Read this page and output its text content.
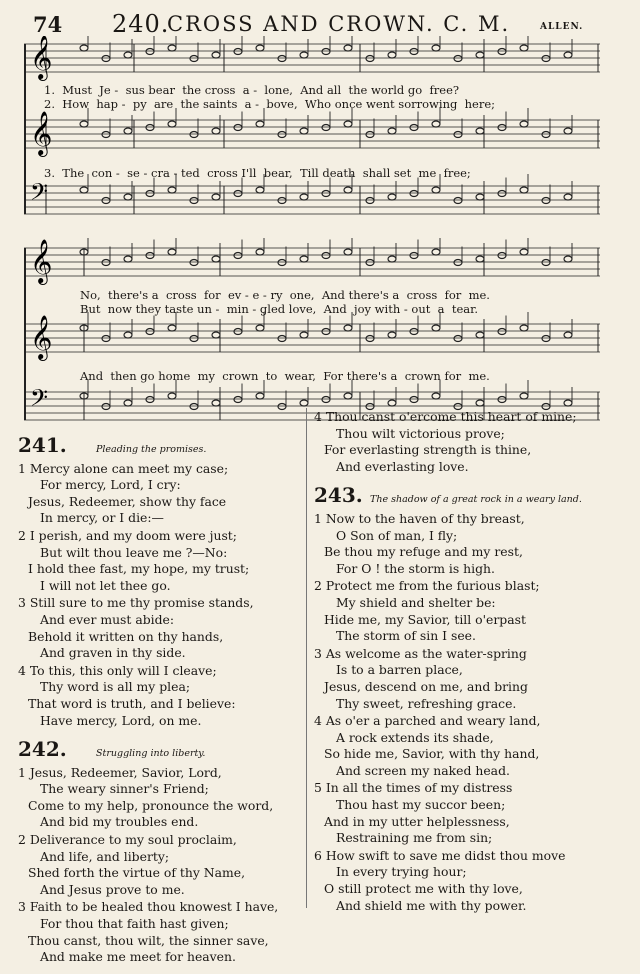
74 240.
CROSS AND CROWN. C. M.	ALLEN.
𝄞
𝄞
𝄢
1.  Must  Je -  sus bear  the cross  a -  lone,  And all  the world go  free?
2.  How  hap -  py  are  the saints  a -  bove,  Who once went sorrowing  here;
3.  The  con -  se - cra - ted  cross I'll  bear,  Till death  shall set  me  free;
𝄞
𝄞
𝄢
No,  there's a  cross  for  ev - e - ry  one,  And there's a  cross  for  me.
But  now they taste un -  min - gled love,  And  joy with - out  a  tear.
And  then go home  my  crown  to  wear,  For there's a  crown for  me.
241.	Pleading the promises.
1 Mercy alone can meet my case;
For mercy, Lord, I cry:
Jesus, Redeemer, show thy face
In mercy, or I die:—
2 I perish, and my doom were just;
But wilt thou leave me ?—No:
I hold thee fast, my hope, my trust;
I will not let thee go.
3 Still sure to me thy promise stands,
And ever must abide:
Behold it written on thy hands,
And graven in thy side.
4 To this, this only will I cleave;
Thy word is all my plea;
That word is truth, and I believe:
Have mercy, Lord, on me.
242.	Struggling into liberty.
1 Jesus, Redeemer, Savior, Lord,
The weary sinner's Friend;
Come to my help, pronounce the word,
And bid my troubles end.
2 Deliverance to my soul proclaim,
And life, and liberty;
Shed forth the virtue of thy Name,
And Jesus prove to me.
3 Faith to be healed thou knowest I have,
For thou that faith hast given;
Thou canst, thou wilt, the sinner save,
And make me meet for heaven.
4 Thou canst o'ercome this heart of mine;
Thou wilt victorious prove;
For everlasting strength is thine,
And everlasting love.
243. The shadow of a great rock in a weary land.
1 Now to the haven of thy breast,
O Son of man, I fly;
Be thou my refuge and my rest,
For O ! the storm is high.
2 Protect me from the furious blast;
My shield and shelter be:
Hide me, my Savior, till o'erpast
The storm of sin I see.
3 As welcome as the water-spring
Is to a barren place,
Jesus, descend on me, and bring
Thy sweet, refreshing grace.
4 As o'er a parched and weary land,
A rock extends its shade,
So hide me, Savior, with thy hand,
And screen my naked head.
5 In all the times of my distress
Thou hast my succor been;
And in my utter helplessness,
Restraining me from sin;
6 How swift to save me didst thou move
In every trying hour;
O still protect me with thy love,
And shield me with thy power.
